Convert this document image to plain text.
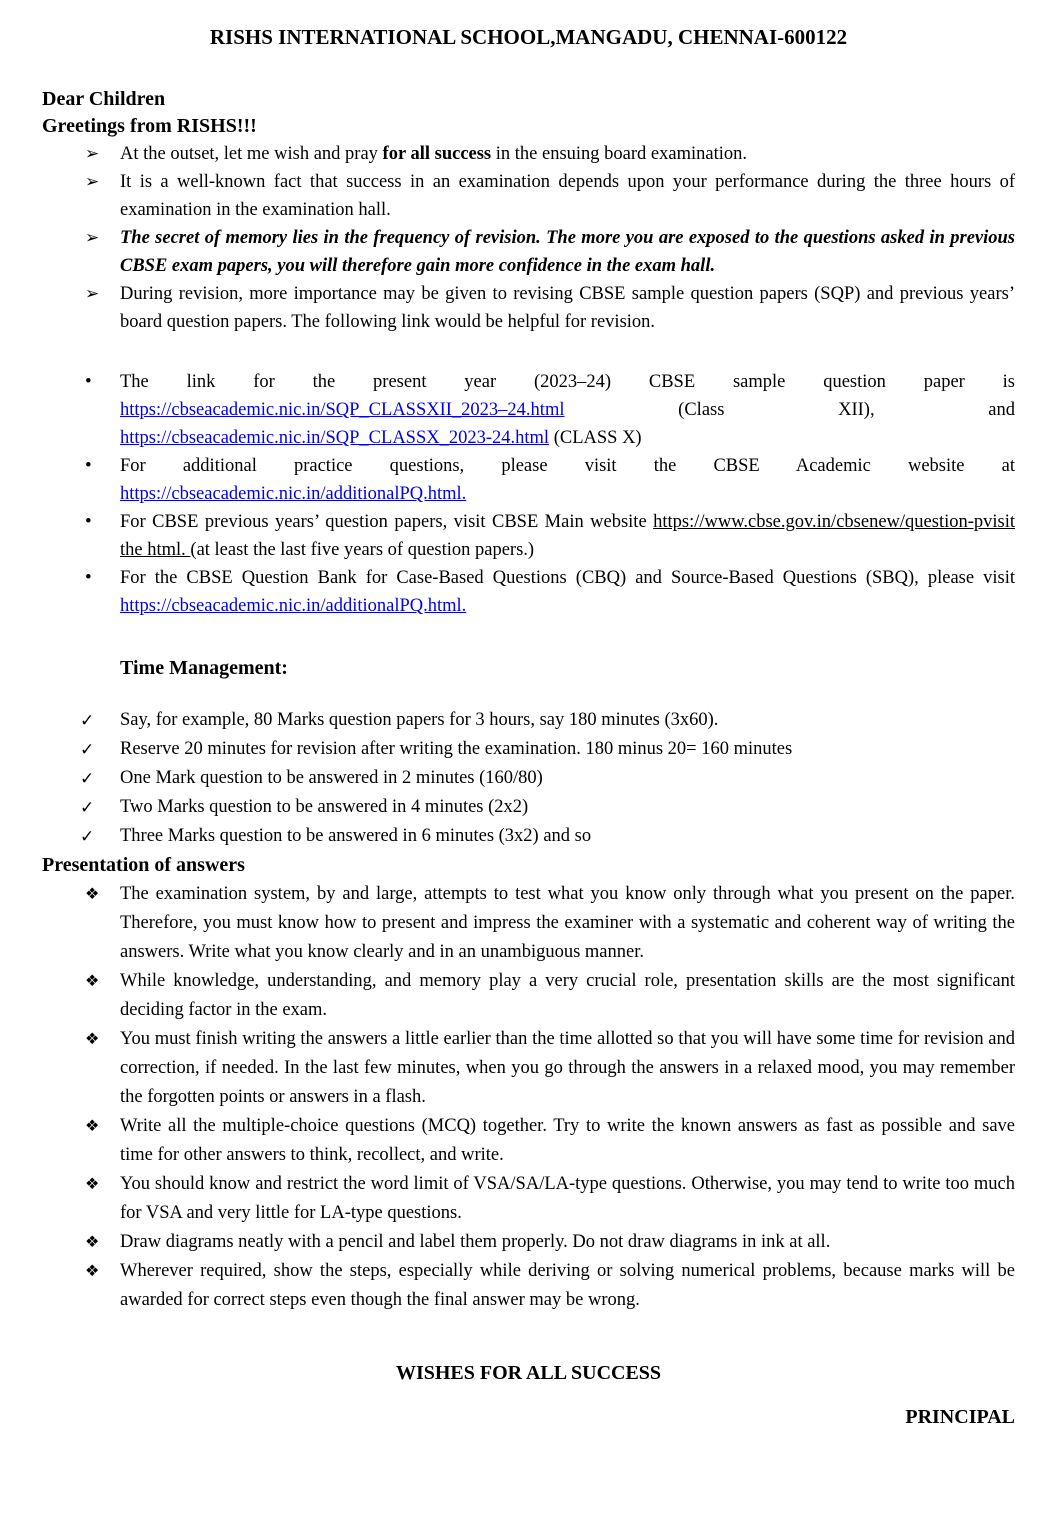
RISHS INTERNATIONAL SCHOOL,MANGADU, CHENNAI-600122
Dear Children
Greetings from RISHS!!!
➢ At the outset, let me wish and pray for all success in the ensuing board examination.
➢ It is a well-known fact that success in an examination depends upon your performance during the three hours of examination in the examination hall.
➢ The secret of memory lies in the frequency of revision. The more you are exposed to the questions asked in previous CBSE exam papers, you will therefore gain more confidence in the exam hall.
➢ During revision, more importance may be given to revising CBSE sample question papers (SQP) and previous years’ board question papers. The following link would be helpful for revision.
• The link for the present year (2023–24) CBSE sample question paper is https://cbseacademic.nic.in/SQP_CLASSXII_2023–24.html (Class XII), and https://cbseacademic.nic.in/SQP_CLASSX_2023-24.html (CLASS X)
• For additional practice questions, please visit the CBSE Academic website at https://cbseacademic.nic.in/additionalPQ.html.
• For CBSE previous years’ question papers, visit CBSE Main website https://www.cbse.gov.in/cbsenew/question-pvisit the html. (at least the last five years of question papers.)
• For the CBSE Question Bank for Case-Based Questions (CBQ) and Source-Based Questions (SBQ), please visit https://cbseacademic.nic.in/additionalPQ.html.
Time Management:
✓ Say, for example, 80 Marks question papers for 3 hours, say 180 minutes (3x60).
✓ Reserve 20 minutes for revision after writing the examination. 180 minus 20= 160 minutes
✓ One Mark question to be answered in 2 minutes (160/80)
✓ Two Marks question to be answered in 4 minutes (2x2)
✓ Three Marks question to be answered in 6 minutes (3x2) and so
Presentation of answers
❖ The examination system, by and large, attempts to test what you know only through what you present on the paper. Therefore, you must know how to present and impress the examiner with a systematic and coherent way of writing the answers. Write what you know clearly and in an unambiguous manner.
❖ While knowledge, understanding, and memory play a very crucial role, presentation skills are the most significant deciding factor in the exam.
❖ You must finish writing the answers a little earlier than the time allotted so that you will have some time for revision and correction, if needed. In the last few minutes, when you go through the answers in a relaxed mood, you may remember the forgotten points or answers in a flash.
❖ Write all the multiple-choice questions (MCQ) together. Try to write the known answers as fast as possible and save time for other answers to think, recollect, and write.
❖ You should know and restrict the word limit of VSA/SA/LA-type questions. Otherwise, you may tend to write too much for VSA and very little for LA-type questions.
❖ Draw diagrams neatly with a pencil and label them properly. Do not draw diagrams in ink at all.
❖ Wherever required, show the steps, especially while deriving or solving numerical problems, because marks will be awarded for correct steps even though the final answer may be wrong.
WISHES FOR ALL SUCCESS
PRINCIPAL
